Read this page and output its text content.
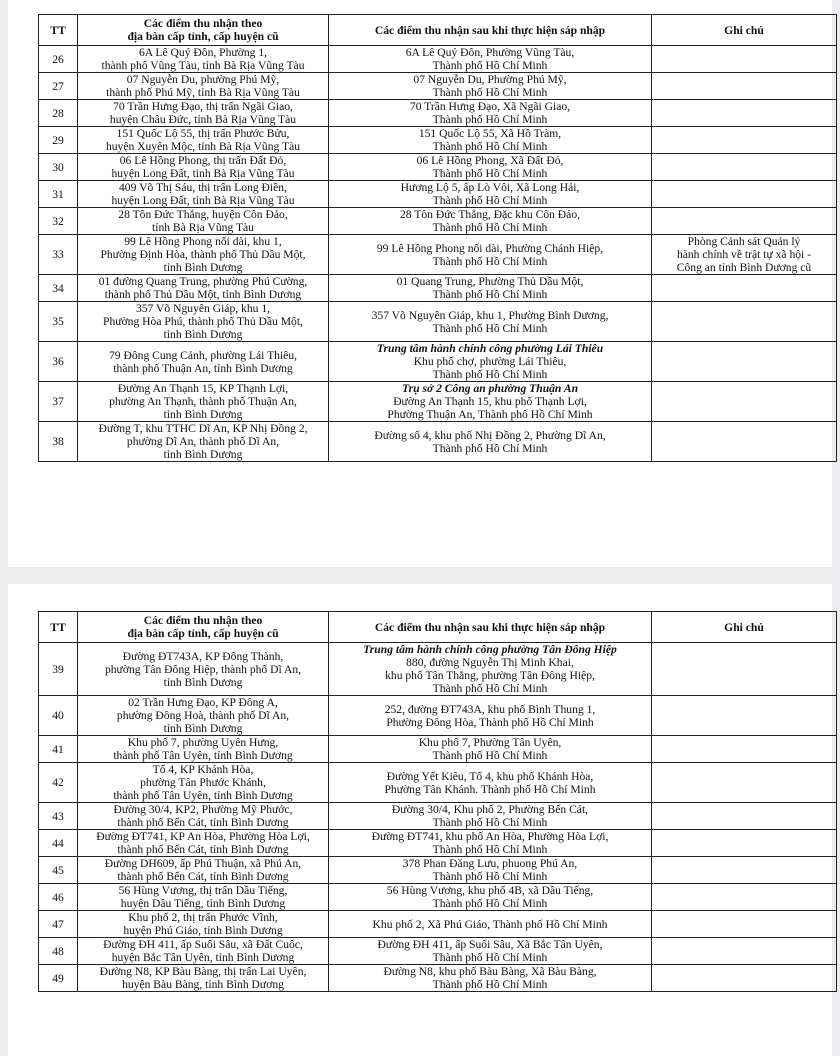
TT	Các điểm thu nhận theo
địa bàn cấp tỉnh, cấp huyện cũ	Các điểm thu nhận sau khi thực hiện sáp nhập	Ghi chú
26	6A Lê Quý Đôn, Phường 1,
thành phố Vũng Tàu, tỉnh Bà Rịa Vũng Tàu	6A Lê Quý Đôn, Phường Vũng Tàu,
Thành phố Hồ Chí Minh	

27	07 Nguyễn Du, phường Phú Mỹ,
thành phố Phú Mỹ, tỉnh Bà Rịa Vũng Tàu	07 Nguyễn Du, Phường Phú Mỹ,
Thành phố Hồ Chí Minh	

28	70 Trần Hưng Đạo, thị trấn Ngãi Giao,
huyện Châu Đức, tỉnh Bà Rịa Vũng Tàu	70 Trần Hưng Đạo, Xã Ngãi Giao,
Thành phố Hồ Chí Minh	

29	151 Quốc Lộ 55, thị trấn Phước Bửu,
huyện Xuyên Mộc, tỉnh Bà Rịa Vũng Tàu	151 Quốc Lộ 55, Xã Hồ Tràm,
Thành phố Hồ Chí Minh	

30	06 Lê Hồng Phong, thị trấn Đất Đỏ,
huyện Long Đất, tỉnh Bà Rịa Vũng Tàu	06 Lê Hồng Phong, Xã Đất Đỏ,
Thành phố Hồ Chí Minh	

31	409 Võ Thị Sáu, thị trấn Long Điền,
huyện Long Đất, tỉnh Bà Rịa Vũng Tàu	Hương Lộ 5, ấp Lò Vôi, Xã Long Hải,
Thành phố Hồ Chí Minh	

32	28 Tôn Đức Thắng, huyện Côn Đảo,
tỉnh Bà Rịa Vũng Tàu	28 Tôn Đức Thắng, Đặc khu Côn Đảo,
Thành phố Hồ Chí Minh	

33	99 Lê Hồng Phong nối dài, khu 1,
Phường Định Hòa, thành phố Thủ Dầu Một,
tỉnh Bình Dương	99 Lê Hồng Phong nối dài, Phường Chánh Hiệp,
Thành phố Hồ Chí Minh	Phòng Cảnh sát Quản lý
hành chính về trật tự xã hội -
Công an tỉnh Bình Dương cũ

34	01 đường Quang Trung, phường Phú Cường,
thành phố Thủ Dầu Một, tỉnh Bình Dương	01 Quang Trung, Phường Thủ Dầu Một,
Thành phố Hồ Chí Minh	

35	357 Võ Nguyên Giáp, khu 1,
Phường Hòa Phú, thành phố Thủ Dầu Một,
tỉnh Bình Dương	357 Võ Nguyên Giáp, khu 1, Phường Bình Dương,
Thành phố Hồ Chí Minh	

36	79 Đông Cung Cảnh, phường Lái Thiêu,
thành phố Thuận An, tỉnh Bình Dương	Trung tâm hành chính công phường Lái Thiêu
Khu phố chợ, phường Lái Thiêu,
Thành phố Hồ Chí Minh	

37	Đường An Thạnh 15, KP Thạnh Lợi,
phường An Thạnh, thành phố Thuận An,
tỉnh Bình Dương	Trụ sở 2 Công an phường Thuận An
Đường An Thạnh 15, khu phố Thạnh Lợi,
Phường Thuận An, Thành phố Hồ Chí Minh	

38	Đường T, khu TTHC Dĩ An, KP Nhị Đồng 2,
phường Dĩ An, thành phố Dĩ An,
tỉnh Bình Dương	Đường số 4, khu phố Nhị Đồng 2, Phường Dĩ An,
Thành phố Hồ Chí Minh	

TT	Các điểm thu nhận theo
địa bàn cấp tỉnh, cấp huyện cũ	Các điểm thu nhận sau khi thực hiện sáp nhập	Ghi chú
39	Đường ĐT743A, KP Đông Thành,
phường Tân Đông Hiệp, thành phố Dĩ An,
tỉnh Bình Dương	Trung tâm hành chính công phường Tân Đông Hiệp
880, đường Nguyễn Thị Minh Khai,
khu phố Tân Thắng, phường Tân Đông Hiệp,
Thành phố Hồ Chí Minh	

40	02 Trần Hưng Đạo, KP Đông A,
phường Đông Hoà, thành phố Dĩ An,
tỉnh Bình Dương	252, đường ĐT743A, khu phố Bình Thung 1,
Phường Đông Hòa, Thành phố Hồ Chí Minh	

41	Khu phố 7, phường Uyên Hưng,
thành phố Tân Uyên, tỉnh Bình Dương	Khu phố 7, Phường Tân Uyên,
Thành phố Hồ Chí Minh	

42	Tổ 4, KP Khánh Hòa,
phường Tân Phước Khánh,
thành phố Tân Uyên, tỉnh Bình Dương	Đường Yết Kiêu, Tổ 4, khu phố Khánh Hòa,
Phường Tân Khánh. Thành phố Hồ Chí Minh	

43	Đường 30/4, KP2, Phường Mỹ Phước,
thành phố Bến Cát, tỉnh Bình Dương	Đường 30/4, Khu phố 2, Phường Bến Cát,
Thành phố Hồ Chí Minh	

44	Đường ĐT741, KP An Hòa, Phường Hòa Lợi,
thành phố Bến Cát, tỉnh Bình Dương	Đường ĐT741, khu phố An Hòa, Phường Hòa Lợi,
Thành phố Hồ Chí Minh	

45	Đường DH609, ấp Phú Thuận, xã Phú An,
thành phố Bến Cát, tỉnh Bình Dương	378 Phan Đăng Lưu, phuong Phú An,
Thành phố Hồ Chí Minh	

46	56 Hùng Vương, thị trấn Dầu Tiếng,
huyện Dầu Tiếng, tỉnh Bình Dương	56 Hùng Vương, khu phố 4B, xã Dầu Tiếng,
Thành phố Hồ Chí Minh	

47	Khu phố 2, thị trấn Phước Vĩnh,
huyện Phú Giáo, tỉnh Bình Dương	Khu phố 2, Xã Phú Giáo, Thành phố Hồ Chí Minh	

48	Đường ĐH 411, ấp Suối Sâu, xã Đất Cuốc,
huyện Bắc Tân Uyên, tỉnh Bình Dương	Đường ĐH 411, ấp Suối Sâu, Xã Bắc Tân Uyên,
Thành phố Hồ Chí Minh	

49	Đường N8, KP Bàu Bàng, thị trấn Lai Uyên,
huyện Bàu Bàng, tỉnh Bình Dương	Đường N8, khu phố Bàu Bàng, Xã Bàu Bàng,
Thành phố Hồ Chí Minh	
